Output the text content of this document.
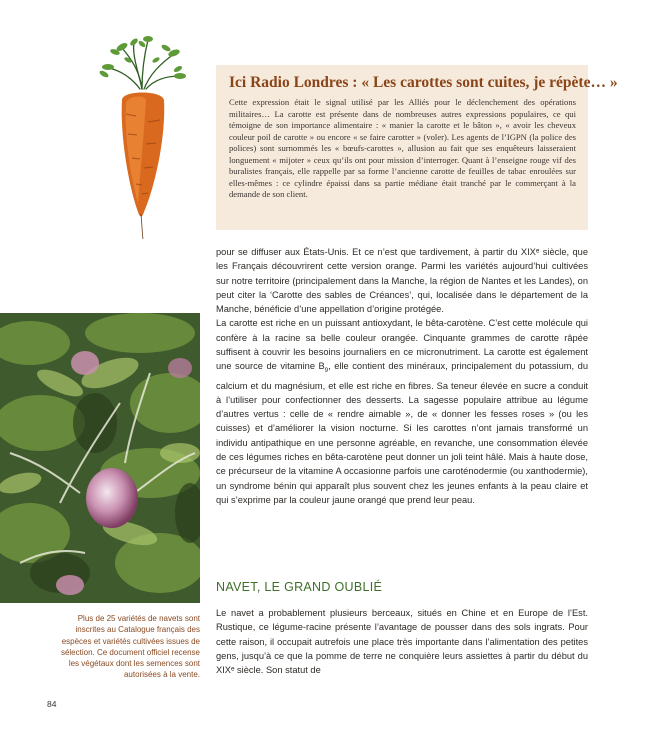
Ici Radio Londres : « Les carottes sont cuites, je répète… »

Cette expression était le signal utilisé par les Alliés pour le déclenchement des opérations militaires… La carotte est présente dans de nombreuses autres expressions populaires, ce qui témoigne de son importance alimentaire : « manier la carotte et le bâton », « avoir les cheveux couleur poil de carotte » ou encore « se faire carotter » (voler). Les agents de l’IGPN (la police des polices) sont surnommés les « bœufs-carottes », allusion au fait que ses enquêteurs laisseraient longuement « mijoter » ceux qu’ils ont pour mission d’interroger. Quant à l’enseigne rouge vif des buralistes français, elle rappelle par sa forme l’ancienne carotte de feuilles de tabac enroulées sur elles-mêmes : ce cylindre épaissi dans sa partie médiane était tranché par le commerçant à la demande de son client.

pour se diffuser aux États-Unis. Et ce n’est que tardivement, à partir du XIXᵉ siècle, que les Français découvrirent cette version orange. Parmi les variétés aujourd’hui cultivées sur notre territoire (principalement dans la Manche, la région de Nantes et les Landes), on peut citer la ‘Carotte des sables de Créances’, qui, localisée dans le département de la Manche, bénéficie d’une appellation d’origine protégée.

La carotte est riche en un puissant antioxydant, le bêta-carotène. C’est cette molécule qui confère à la racine sa belle couleur orangée. Cinquante grammes de carotte râpée suffisent à couvrir les besoins journaliers en ce micronutriment. La carotte est également une source de vitamine $B_9$, elle contient des minéraux, principalement du potassium, du calcium et du magnésium, et elle est riche en fibres. Sa teneur élevée en sucre a conduit à l’utiliser pour confectionner des desserts. La sagesse populaire attribue au légume d’autres vertus : celle de « rendre aimable », de « donner les fesses roses » (ou les cuisses) et d’améliorer la vision nocturne. Si les carottes n’ont jamais transformé un individu antipathique en une personne agréable, en revanche, une consommation élevée de ces légumes riches en bêta-carotène peut donner un joli teint hâlé. Mais à haute dose, ce précurseur de la vitamine A occasionne parfois une caroténodermie (ou xanthodermie), un syndrome bénin qui apparaît plus souvent chez les jeunes enfants à la peau claire et qui s’exprime par la couleur jaune orangé que prend leur peau.

NAVET, LE GRAND OUBLIÉ

Le navet a probablement plusieurs berceaux, situés en Chine et en Europe de l’Est. Rustique, ce légume-racine présente l’avantage de pousser dans des sols ingrats. Pour cette raison, il occupait autrefois une place très importante dans l’alimentation des petites gens, jusqu’à ce que la pomme de terre ne conquière leurs assiettes à partir du début du XIXᵉ siècle. Son statut de

Plus de 25 variétés de navets sont inscrites au Catalogue français des espèces et variétés cultivées issues de sélection. Ce document officiel recense les végétaux dont les semences sont autorisées à la vente.

84
